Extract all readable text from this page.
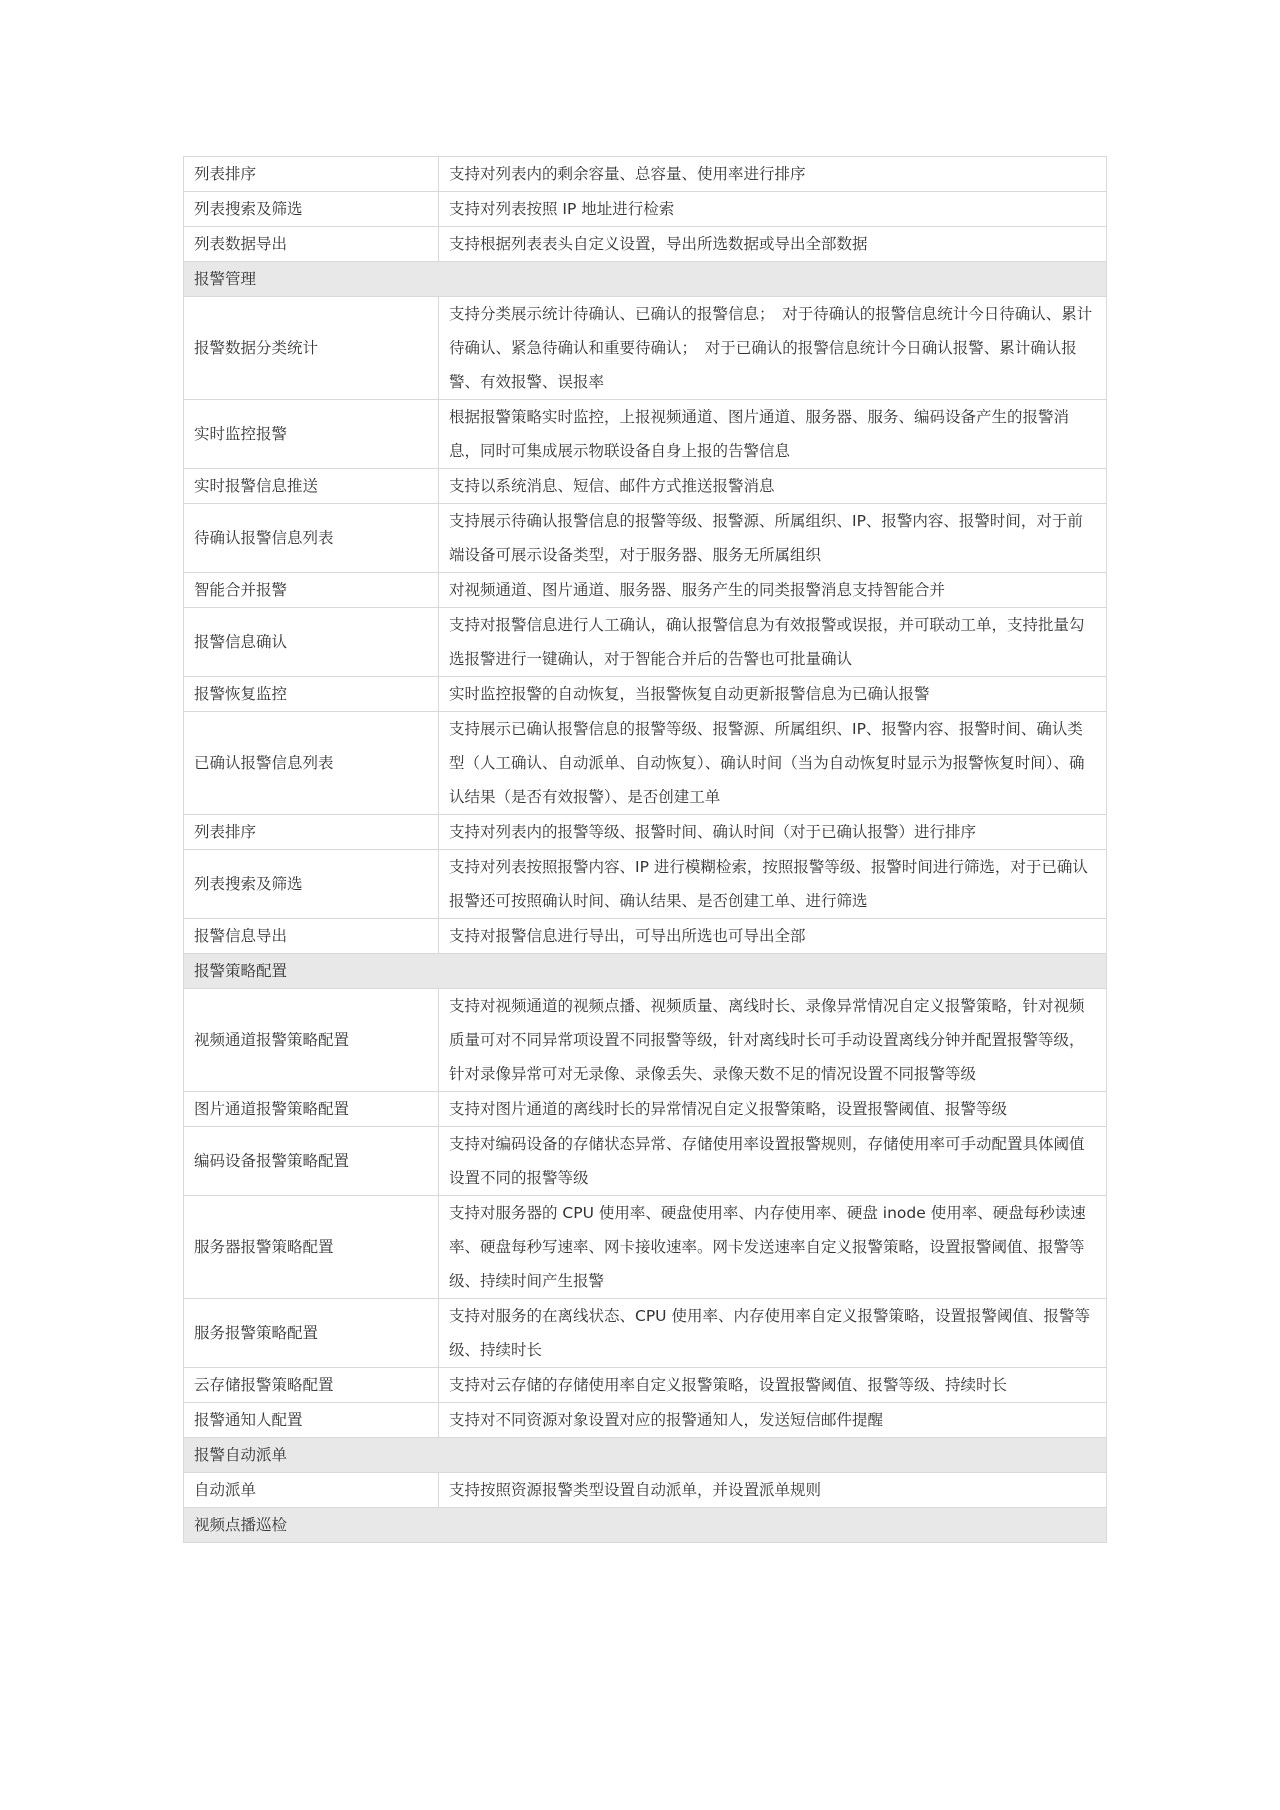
列表排序	支持对列表内的剩余容量、总容量、使用率进行排序
列表搜索及筛选	支持对列表按照 IP 地址进行检索
列表数据导出	支持根据列表表头自定义设置，导出所选数据或导出全部数据
报警管理	
报警数据分类统计	支持分类展示统计待确认、已确认的报警信息；　对于待确认的报警信息统计今日待确认、累计待确认、紧急待确认和重要待确认；　对于已确认的报警信息统计今日确认报警、累计确认报警、有效报警、误报率
实时监控报警	根据报警策略实时监控，上报视频通道、图片通道、服务器、服务、编码设备产生的报警消息，同时可集成展示物联设备自身上报的告警信息
实时报警信息推送	支持以系统消息、短信、邮件方式推送报警消息
待确认报警信息列表	支持展示待确认报警信息的报警等级、报警源、所属组织、IP、报警内容、报警时间，对于前端设备可展示设备类型，对于服务器、服务无所属组织
智能合并报警	对视频通道、图片通道、服务器、服务产生的同类报警消息支持智能合并
报警信息确认	支持对报警信息进行人工确认，确认报警信息为有效报警或误报，并可联动工单，支持批量勾选报警进行一键确认，对于智能合并后的告警也可批量确认
报警恢复监控	实时监控报警的自动恢复，当报警恢复自动更新报警信息为已确认报警
已确认报警信息列表	支持展示已确认报警信息的报警等级、报警源、所属组织、IP、报警内容、报警时间、确认类型（人工确认、自动派单、自动恢复）、确认时间（当为自动恢复时显示为报警恢复时间）、确认结果（是否有效报警）、是否创建工单
列表排序	支持对列表内的报警等级、报警时间、确认时间（对于已确认报警）进行排序
列表搜索及筛选	支持对列表按照报警内容、IP 进行模糊检索，按照报警等级、报警时间进行筛选，对于已确认报警还可按照确认时间、确认结果、是否创建工单、进行筛选
报警信息导出	支持对报警信息进行导出，可导出所选也可导出全部
报警策略配置	
视频通道报警策略配置	支持对视频通道的视频点播、视频质量、离线时长、录像异常情况自定义报警策略，针对视频质量可对不同异常项设置不同报警等级，针对离线时长可手动设置离线分钟并配置报警等级，针对录像异常可对无录像、录像丢失、录像天数不足的情况设置不同报警等级
图片通道报警策略配置	支持对图片通道的离线时长的异常情况自定义报警策略，设置报警阈值、报警等级
编码设备报警策略配置	支持对编码设备的存储状态异常、存储使用率设置报警规则，存储使用率可手动配置具体阈值设置不同的报警等级
服务器报警策略配置	支持对服务器的 CPU 使用率、硬盘使用率、内存使用率、硬盘 inode 使用率、硬盘每秒读速率、硬盘每秒写速率、网卡接收速率。网卡发送速率自定义报警策略，设置报警阈值、报警等级、持续时间产生报警
服务报警策略配置	支持对服务的在离线状态、CPU 使用率、内存使用率自定义报警策略，设置报警阈值、报警等级、持续时长
云存储报警策略配置	支持对云存储的存储使用率自定义报警策略，设置报警阈值、报警等级、持续时长
报警通知人配置	支持对不同资源对象设置对应的报警通知人，发送短信邮件提醒
报警自动派单	
自动派单	支持按照资源报警类型设置自动派单，并设置派单规则
视频点播巡检	
